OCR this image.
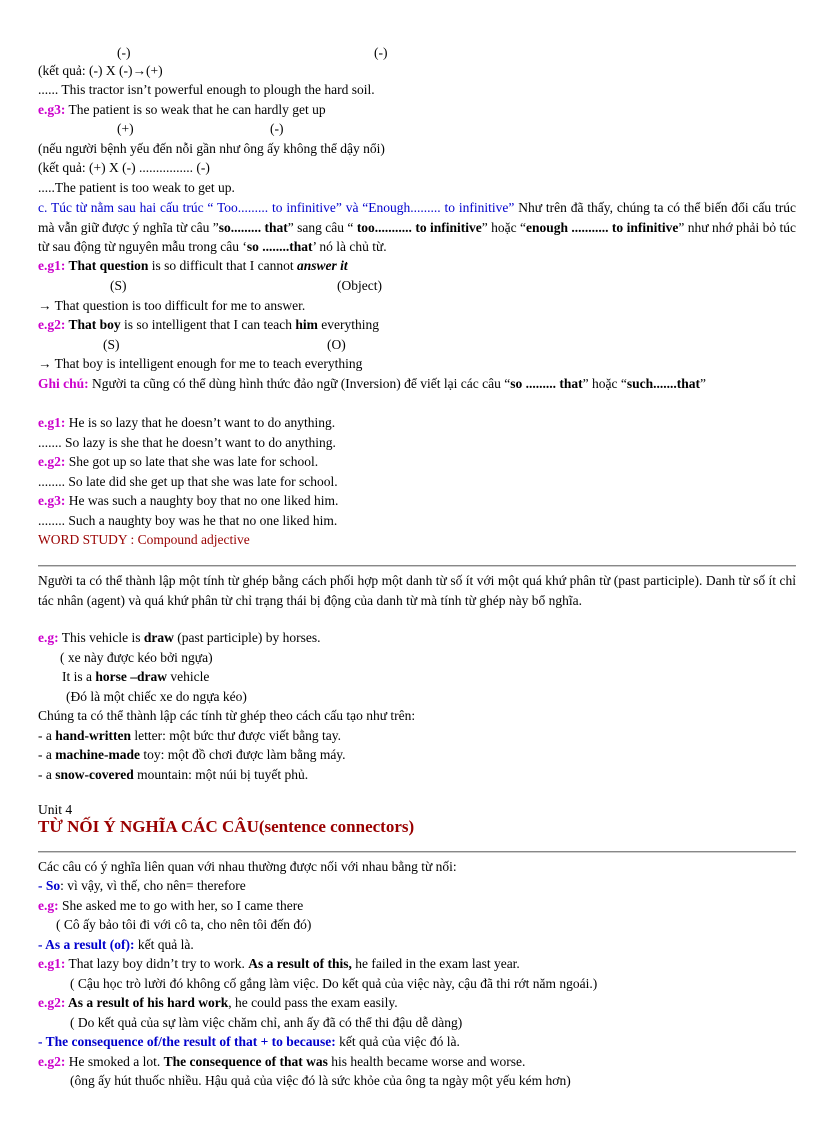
(-)	(-)
(kết quả: (-) X (-)→(+)
...... This tractor isn’t powerful enough to plough the hard soil.
e.g3: The patient is so weak that he can hardly get up
(+)	(-)
(nếu người bệnh yếu đến nỗi gần như ông ấy không thể dậy nổi)
(kết quả: (+) X (-) ................ (-)
.....The patient is too weak to get up.
c. Túc từ nằm sau hai cấu trúc “ Too......... to infinitive” và “Enough......... to infinitive” Như trên đã thấy, chúng ta có thể biến đổi cấu trúc mà vẫn giữ được ý nghĩa từ câu ”so......... that” sang câu “ too........... to infinitive” hoặc “enough ........... to infinitive” như nhớ phải bỏ túc từ sau động từ nguyên mẫu trong câu ‘so ........that’ nó là chủ từ.
e.g1: That question is so difficult that I cannot answer it
(S)	(Object)
→ That question is too difficult for me to answer.
e.g2: That boy is so intelligent that I can teach him everything
(S)	(O)
→ That boy is intelligent enough for me to teach everything
Ghi chú: Người ta cũng có thể dùng hình thức đảo ngữ (Inversion) để viết lại các câu “so ......... that” hoặc “such.......that”
e.g1: He is so lazy that he doesn’t want to do anything.
....... So lazy is she that he doesn’t want to do anything.
e.g2: She got up so late that she was late for school.
........ So late did she get up that she was late for school.
e.g3: He was such a naughty boy that no one liked him.
........ Such a naughty boy was he that no one liked him.
WORD STUDY : Compound adjective
Người ta có thể thành lập một tính từ ghép bằng cách phối hợp một danh từ số ít với một quá khứ phân từ (past participle). Danh từ số ít chỉ tác nhân (agent) và quá khứ phân từ chỉ trạng thái bị động của danh từ mà tính từ ghép này bổ nghĩa.
e.g: This vehicle is draw (past participle) by horses.
( xe này được kéo bởi ngựa)
It is a horse –draw vehicle
(Đó là một chiếc xe do ngựa kéo)
Chúng ta có thể thành lập các tính từ ghép theo cách cấu tạo như trên:
- a hand-written letter: một bức thư được viết bằng tay.
- a machine-made toy: một đồ chơi được làm bằng máy.
- a snow-covered mountain: một núi bị tuyết phủ.
Unit 4
TỪ NỐI Ý NGHĨA CÁC CÂU(sentence connectors)
Các câu có ý nghĩa liên quan với nhau thường được nối với nhau bằng từ nối:
- So: vì vậy, vì thế, cho nên= therefore
e.g: She asked me to go with her, so I came there
( Cô ấy bảo tôi đi với cô ta, cho nên tôi đến đó)
- As a result (of): kết quả là.
e.g1: That lazy boy didn’t try to work. As a result of this, he failed in the exam last year.
( Cậu học trò lười đó không cố gắng làm việc. Do kết quả của việc này, cậu đã thi rớt năm ngoái.)
e.g2: As a result of his hard work, he could pass the exam easily.
( Do kết quả của sự làm việc chăm chỉ, anh ấy đã có thể thi đậu dễ dàng)
- The consequence of/the result of that + to because: kết quả của việc đó là.
e.g2: He smoked a lot. The consequence of that was his health became worse and worse.
(ông ấy hút thuốc nhiều. Hậu quả của việc đó là sức khỏe của ông ta ngày một yếu kém hơn)
